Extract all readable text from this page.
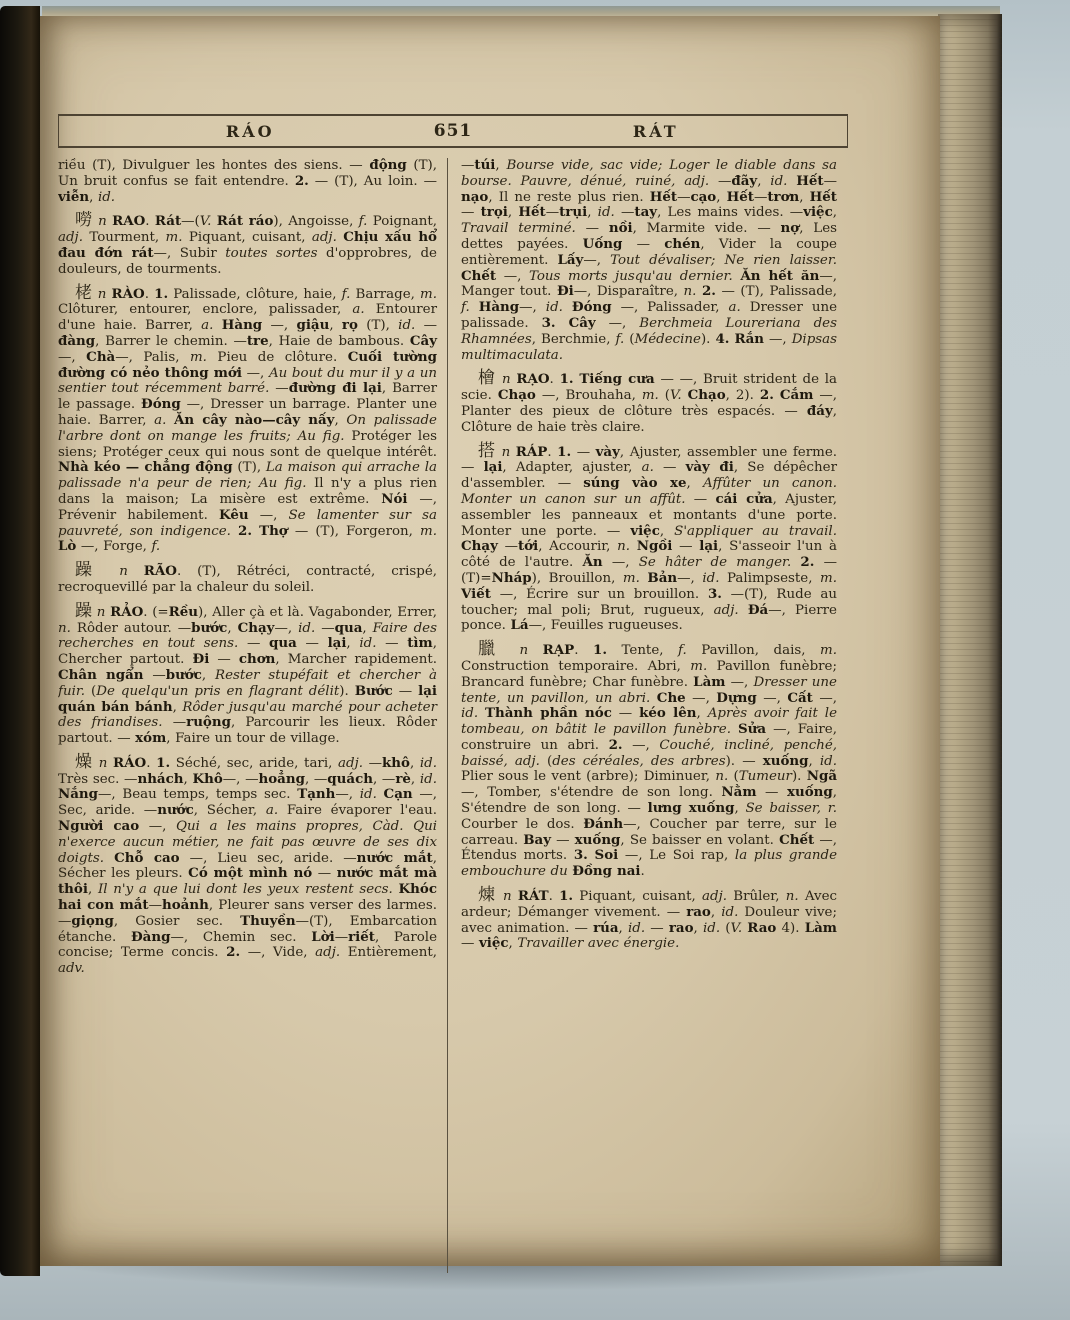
RÁO	651	RÁT

riều (T), Divulguer les hontes des siens. — động (T), Un bruit confus se fait entendre. 2. — (T), Au loin. —viễn, id.

嘮 n RAO. Rát—(V. Rát ráo), Angoisse, f. Poignant, adj. Tourment, m. Piquant, cuisant, adj. Chịu xấu hổ đau đớn rát—, Subir toutes sortes d'opprobres, de douleurs, de tourments.

栳 n RÀO. 1. Palissade, clôture, haie, f. Barrage, m. Clôturer, entourer, enclore, palissader, a. Entourer d'une haie. Barrer, a. Hàng —, giậu, rọ (T), id. —đàng, Barrer le chemin. —tre, Haie de bambous. Cây—, Chà—, Palis, m. Pieu de clôture. Cuối tường đường có nẻo thông mới —, Au bout du mur il y a un sentier tout récemment barré. —đường đi lại, Barrer le passage. Đóng —, Dresser un barrage. Planter une haie. Barrer, a. Ăn cây nào—cây nấy, On palissade l'arbre dont on mange les fruits; Au fig. Protéger les siens; Protéger ceux qui nous sont de quelque intérêt. Nhà kéo — chẳng động (T), La maison qui arrache la palissade n'a peur de rien; Au fig. Il n'y a plus rien dans la maison; La misère est extrême. Nói —, Prévenir habilement. Kêu —, Se lamenter sur sa pauvreté, son indigence. 2. Thợ — (T), Forgeron, m. Lò —, Forge, f.

躁 n RÃO. (T), Rétréci, contracté, crispé, recroquevillé par la chaleur du soleil.

躁 n RẢO. (=Rều), Aller çà et là. Vagabonder, Errer, n. Rôder autour. —bước, Chạy—, id. —qua, Faire des recherches en tout sens. — qua — lại, id. — tìm, Chercher partout. Đi — chơn, Marcher rapidement. Chân ngẩn —bước, Rester stupéfait et chercher à fuir. (De quelqu'un pris en flagrant délit). Bước — lại quán bán bánh, Rôder jusqu'au marché pour acheter des friandises. —ruộng, Parcourir les lieux. Rôder partout. — xóm, Faire un tour de village.

燥 n RÁO. 1. Séché, sec, aride, tari, adj. —khô, id. Très sec. —nhách, Khô—, —hoẳng, —quách, —rè, id. Nắng—, Beau temps, temps sec. Tạnh—, id. Cạn —, Sec, aride. —nước, Sécher, a. Faire évaporer l'eau. Người cao —, Qui a les mains propres, Càd. Qui n'exerce aucun métier, ne fait pas œuvre de ses dix doigts. Chỗ cao —, Lieu sec, aride. —nước mắt, Sécher les pleurs. Có một mình nó — nước mắt mà thôi, Il n'y a que lui dont les yeux restent secs. Khóc hai con mắt—hoảnh, Pleurer sans verser des larmes. —giọng, Gosier sec. Thuyền—(T), Embarcation étanche. Đàng—, Chemin sec. Lời—riết, Parole concise; Terme concis. 2. —, Vide, adj. Entièrement, adv.

—túi, Bourse vide, sac vide; Loger le diable dans sa bourse. Pauvre, dénué, ruiné, adj. —đãy, id. Hết—nạo, Il ne reste plus rien. Hết—cạo, Hết—trơn, Hết — trọi, Hết—trụi, id. —tay, Les mains vides. —việc, Travail terminé. — nồi, Marmite vide. — nợ, Les dettes payées. Uống — chén, Vider la coupe entièrement. Lấy—, Tout dévaliser; Ne rien laisser. Chết —, Tous morts jusqu'au dernier. Ăn hết ăn—, Manger tout. Đi—, Disparaître, n. 2. — (T), Palissade, f. Hàng—, id. Đóng —, Palissader, a. Dresser une palissade. 3. Cây —, Berchmeia Loureriana des Rhamnées, Berchmie, f. (Médecine). 4. Rắn —, Dipsas multimaculata.

檜 n RẠO. 1. Tiếng cưa — —, Bruit strident de la scie. Chạo —, Brouhaha, m. (V. Chạo, 2). 2. Cắm —, Planter des pieux de clôture très espacés. — đáy, Clôture de haie très claire.

搭 n RÁP. 1. — vày, Ajuster, assembler une ferme. — lại, Adapter, ajuster, a. — vày đi, Se dépêcher d'assembler. — súng vào xe, Affûter un canon. Monter un canon sur un affût. — cái cửa, Ajuster, assembler les panneaux et montants d'une porte. Monter une porte. — việc, S'appliquer au travail. Chạy —tới, Accourir, n. Ngồi — lại, S'asseoir l'un à côté de l'autre. Ăn —, Se hâter de manger. 2. —(T)=Nháp), Brouillon, m. Bản—, id. Palimpseste, m. Viết —, Écrire sur un brouillon. 3. —(T), Rude au toucher; mal poli; Brut, rugueux, adj. Đá—, Pierre ponce. Lá—, Feuilles rugueuses.

臘 n RẠP. 1. Tente, f. Pavillon, dais, m. Construction temporaire. Abri, m. Pavillon funèbre; Brancard funèbre; Char funèbre. Làm —, Dresser une tente, un pavillon, un abri. Che —, Dựng —, Cất —, id. Thành phần nóc — kéo lên, Après avoir fait le tombeau, on bâtit le pavillon funèbre. Sửa —, Faire, construire un abri. 2. —, Couché, incliné, penché, baissé, adj. (des céréales, des arbres). — xuống, id. Plier sous le vent (arbre); Diminuer, n. (Tumeur). Ngã —, Tomber, s'étendre de son long. Nằm — xuống, S'étendre de son long. — lưng xuống, Se baisser, r. Courber le dos. Đánh—, Coucher par terre, sur le carreau. Bay — xuống, Se baisser en volant. Chết —, Étendus morts. 3. Soi —, Le Soi rap, la plus grande embouchure du Đồng nai.

煉 n RÁT. 1. Piquant, cuisant, adj. Brûler, n. Avec ardeur; Démanger vivement. — rao, id. Douleur vive; avec animation. — rúa, id. — rao, id. (V. Rao 4). Làm — việc, Travailler avec énergie.
